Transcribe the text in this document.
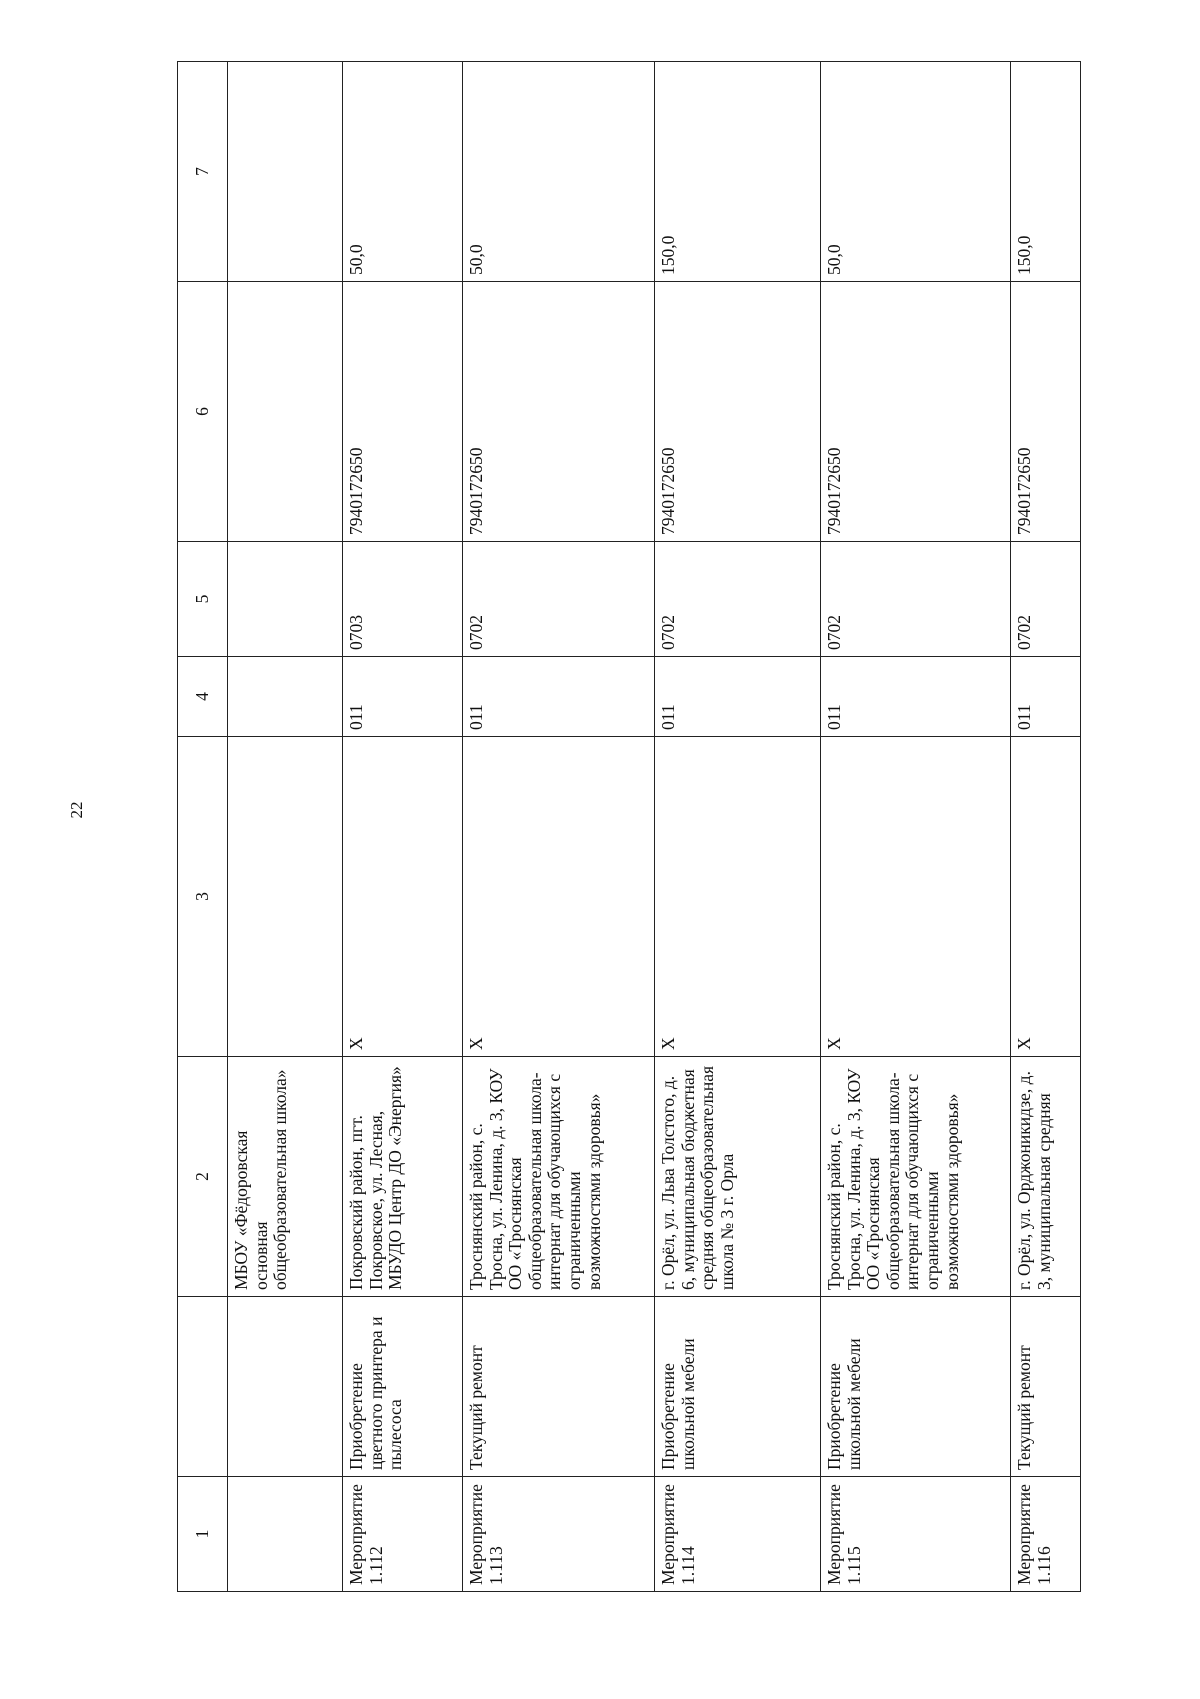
22
1		2	3	4	5	6	7
		МБОУ «Фёдоровская основная общеобразовательная школа»					
Мероприятие 1.112	Приобретение цветного принтера и пылесоса	Покровский район, пгт. Покровское, ул. Лесная, МБУДО Центр ДО «Энергия»	X	011	0703	7940172650	50,0
Мероприятие 1.113	Текущий ремонт	Троснянский район, с. Тросна, ул. Ленина, д. 3, КОУ ОО «Троснянская общеобразовательная школа-интернат для обучающихся с ограниченными возможностями здоровья»	X	011	0702	7940172650	50,0
Мероприятие 1.114	Приобретение школьной мебели	г. Орёл, ул. Льва Толстого, д. 6, муниципальная бюджетная средняя общеобразовательная школа № 3 г. Орла	X	011	0702	7940172650	150,0
Мероприятие 1.115	Приобретение школьной мебели	Троснянский район, с. Тросна, ул. Ленина, д. 3, КОУ ОО «Троснянская общеобразовательная школа-интернат для обучающихся с ограниченными возможностями здоровья»	X	011	0702	7940172650	50,0
Мероприятие 1.116	Текущий ремонт	г. Орёл, ул. Орджоникидзе, д. 3, муниципальная средняя	X	011	0702	7940172650	150,0
